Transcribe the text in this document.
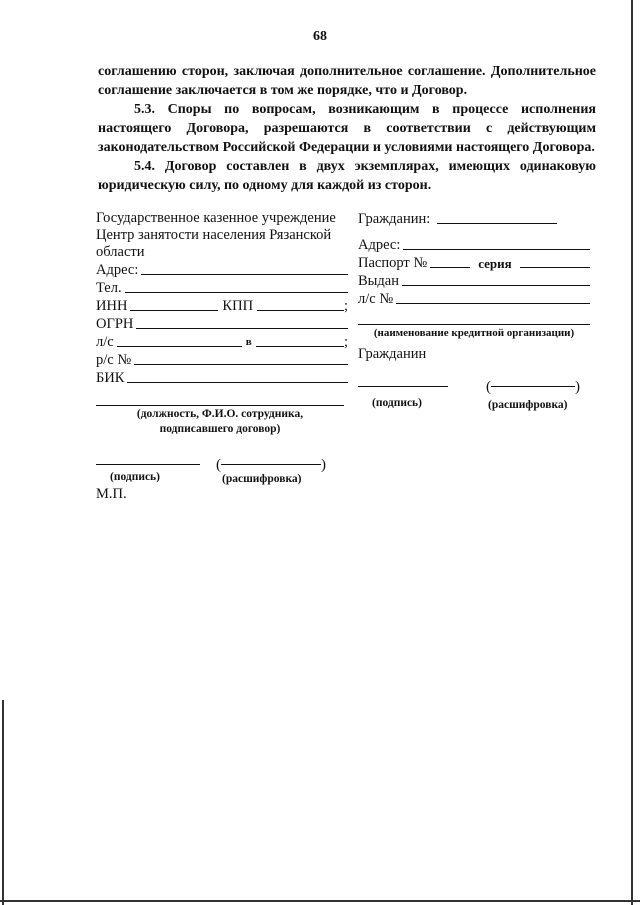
68

соглашению сторон, заключая дополнительное соглашение. Дополнительное соглашение заключается в том же порядке, что и Договор.

5.3. Споры по вопросам, возникающим в процессе исполнения настоящего Договора, разрешаются в соответствии с действующим законодательством Российской Федерации и условиями настоящего Договора.

5.4. Договор составлен в двух экземплярах, имеющих одинаковую юридическую силу, по одному для каждой из сторон.

Государственное казенное учреждение
Центр занятости населения Рязанской
области
Адрес:
Тел.
ИНН	КПП	;
ОГРН
л/с	в	;
р/с №
БИК
(должность, Ф.И.О. сотрудника,
подписавшего договор)
(	)
(подпись)	(расшифровка)
М.П.
Гражданин:
Адрес:
Паспорт №	серия
Выдан
л/с №
(наименование кредитной организации)
Гражданин
(	)
(подпись)	(расшифровка)
